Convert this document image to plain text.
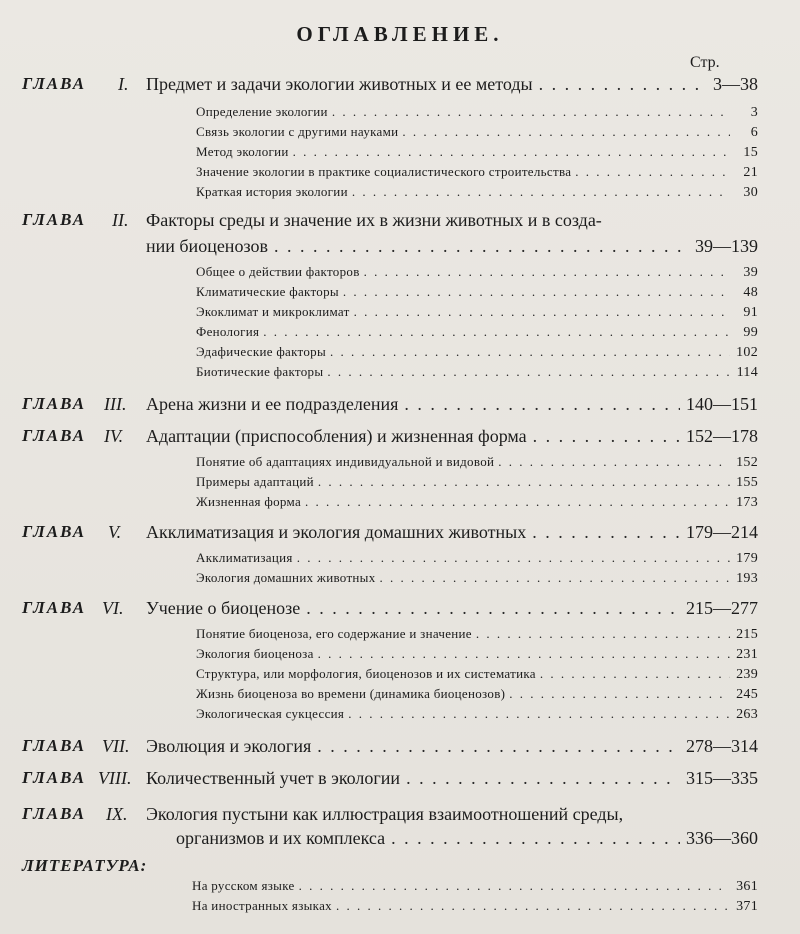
ОГЛАВЛЕНИЕ.
Стр.
ГЛАВА I. Предмет и задачи экологии животных и ее методы . . .	3—38
Определение экологии . . .	3
Связь экологии с другими науками . . .	6
Метод экологии . . .	15
Значение экологии в практике социалистического строительства . . .	21
Краткая история экологии . . .	30
ГЛАВА II. Факторы среды и значение их в жизни животных и в созда-
нии биоценозов . . .	39—139
Общее о действии факторов . . .	39
Климатические факторы . . .	48
Экоклимат и микроклимат . . .	91
Фенология . . .	99
Эдафические факторы . . .	102
Биотические факторы . . .	114
ГЛАВА III. Арена жизни и ее подразделения . . .	140—151
ГЛАВА IV. Адаптации (приспособления) и жизненная форма . . .	152—178
Понятие об адаптациях индивидуальной и видовой . . .	152
Примеры адаптаций . . .	155
Жизненная форма . . .	173
ГЛАВА V. Акклиматизация и экология домашних животных . . .	179—214
Акклиматизация . . .	179
Экология домашних животных . . .	193
ГЛАВА VI. Учение о биоценозе . . .	215—277
Понятие биоценоза, его содержание и значение . . .	215
Экология биоценоза . . .	231
Структура, или морфология, биоценозов и их систематика . . .	239
Жизнь биоценоза во времени (динамика биоценозов) . . .	245
Экологическая сукцессия . . .	263
ГЛАВА VII. Эволюция и экология . . .	278—314
ГЛАВА VIII. Количественный учет в экологии . . .	315—335
ГЛАВА IX. Экология пустыни как иллюстрация взаимоотношений среды,
организмов и их комплекса . . .	336—360
ЛИТЕРАТУРА:
На русском языке . . .	361
На иностранных языках . . .	371
